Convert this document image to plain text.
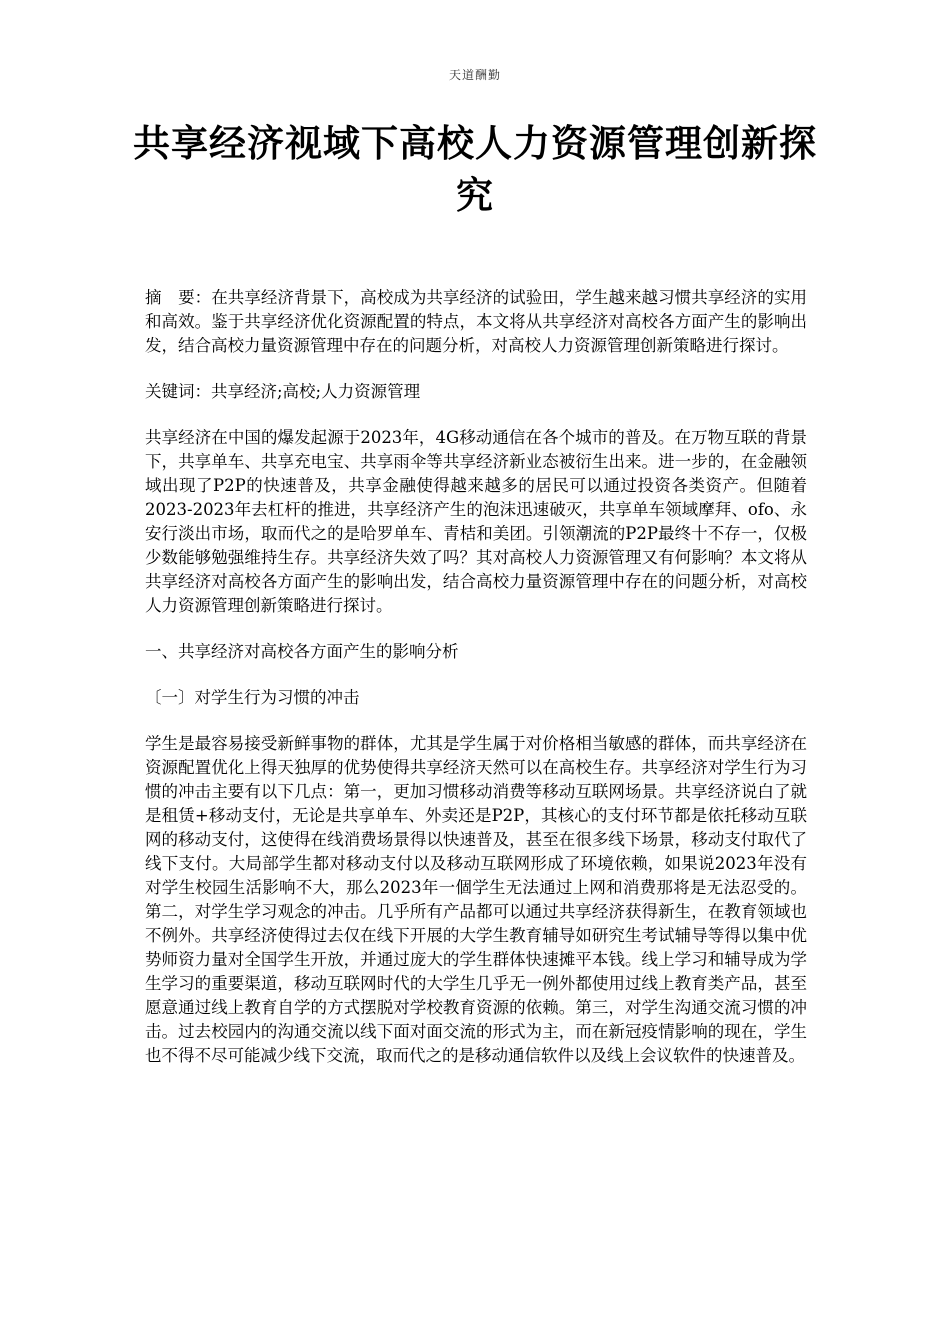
天道酬勤
共享经济视域下高校人力资源管理创新探究

摘　要：在共享经济背景下，高校成为共享经济的试验田，学生越来越习惯共享经济的实用和高效。鉴于共享经济优化资源配置的特点，本文将从共享经济对高校各方面产生的影响出发，结合高校力量资源管理中存在的问题分析，对高校人力资源管理创新策略进行探讨。

关键词：共享经济;高校;人力资源管理

共享经济在中国的爆发起源于2023年，4G移动通信在各个城市的普及。在万物互联的背景下，共享单车、共享充电宝、共享雨伞等共享经济新业态被衍生出来。进一步的，在金融领域出现了P2P的快速普及，共享金融使得越来越多的居民可以通过投资各类资产。但随着2023-2023年去杠杆的推进，共享经济产生的泡沫迅速破灭，共享单车领域摩拜、ofo、永安行淡出市场，取而代之的是哈罗单车、青桔和美团。引领潮流的P2P最终十不存一，仅极少数能够勉强维持生存。共享经济失效了吗？其对高校人力资源管理又有何影响？本文将从共享经济对高校各方面产生的影响出发，结合高校力量资源管理中存在的问题分析，对高校人力资源管理创新策略进行探讨。

一、共享经济对高校各方面产生的影响分析

〔一〕对学生行为习惯的冲击

学生是最容易接受新鲜事物的群体，尤其是学生属于对价格相当敏感的群体，而共享经济在资源配置优化上得天独厚的优势使得共享经济天然可以在高校生存。共享经济对学生行为习惯的冲击主要有以下几点：第一，更加习惯移动消费等移动互联网场景。共享经济说白了就是租赁+移动支付，无论是共享单车、外卖还是P2P，其核心的支付环节都是依托移动互联网的移动支付，这使得在线消费场景得以快速普及，甚至在很多线下场景，移动支付取代了线下支付。大局部学生都对移动支付以及移动互联网形成了环境依赖，如果说2023年没有对学生校园生活影响不大，那么2023年一個学生无法通过上网和消费那将是无法忍受的。第二，对学生学习观念的冲击。几乎所有产品都可以通过共享经济获得新生，在教育领域也不例外。共享经济使得过去仅在线下开展的大学生教育辅导如研究生考试辅导等得以集中优势师资力量对全国学生开放，并通过庞大的学生群体快速摊平本钱。线上学习和辅导成为学生学习的重要渠道，移动互联网时代的大学生几乎无一例外都使用过线上教育类产品，甚至愿意通过线上教育自学的方式摆脱对学校教育资源的依赖。第三，对学生沟通交流习惯的冲击。过去校园内的沟通交流以线下面对面交流的形式为主，而在新冠疫情影响的现在，学生也不得不尽可能减少线下交流，取而代之的是移动通信软件以及线上会议软件的快速普及。
